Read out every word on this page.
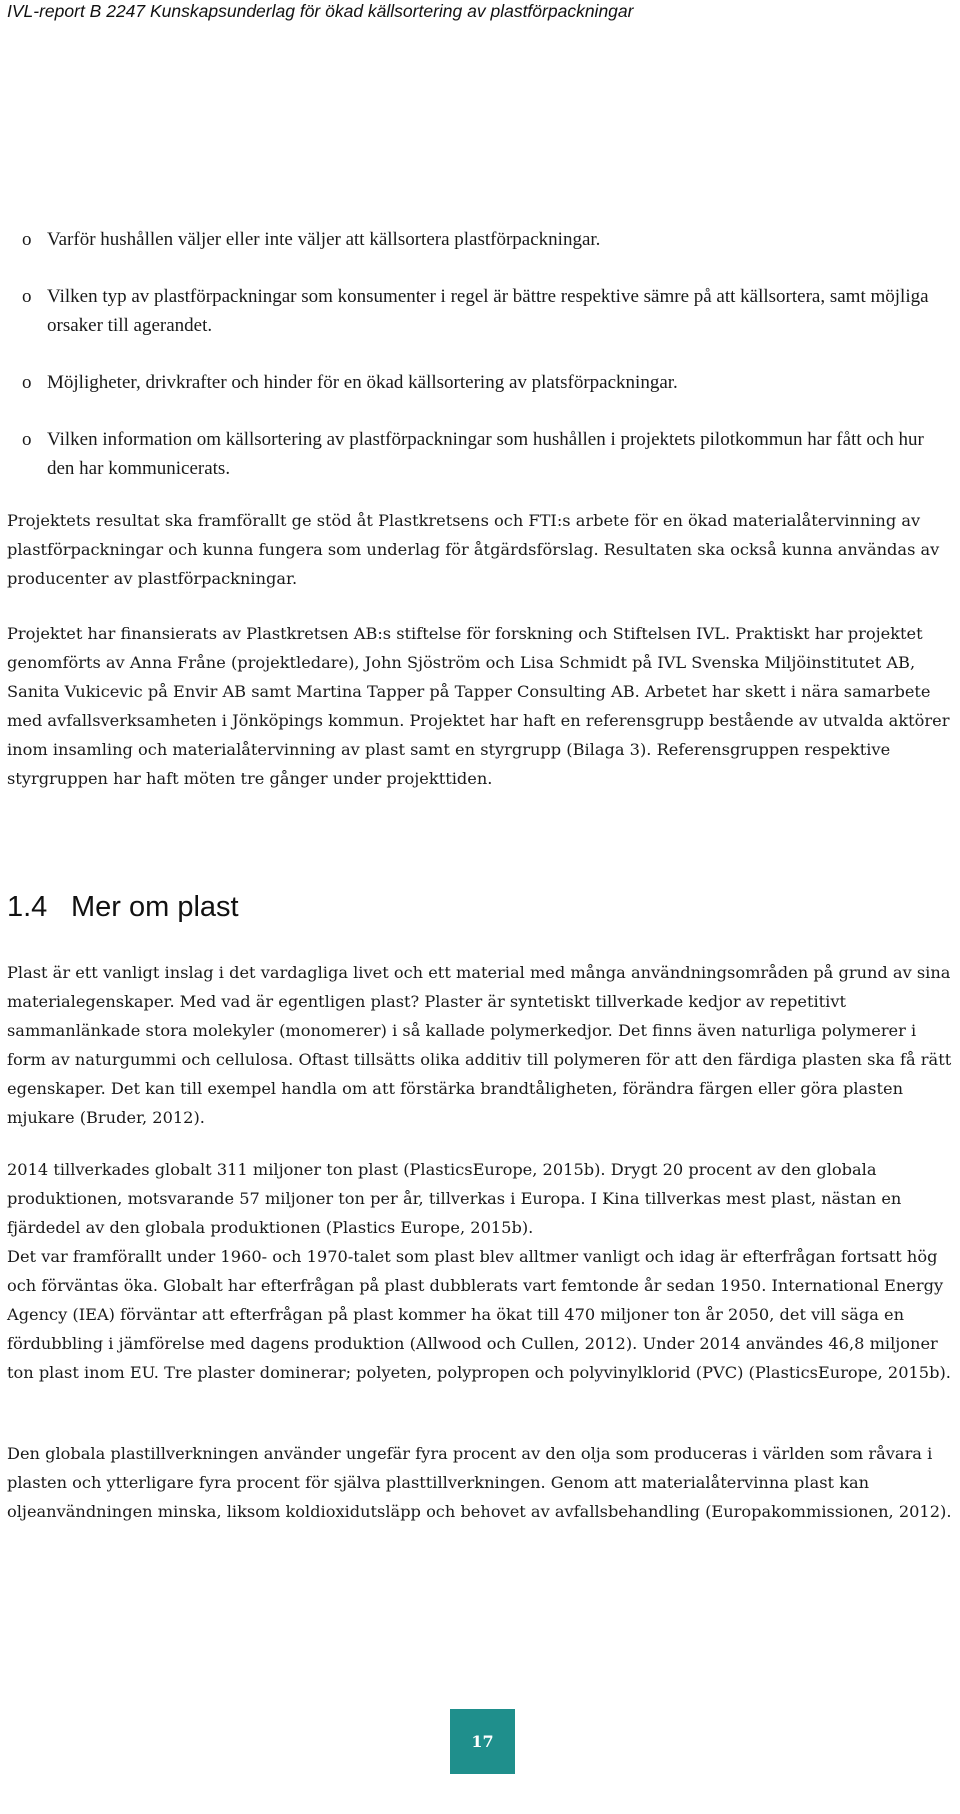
IVL-report B 2247 Kunskapsunderlag för ökad källsortering av plastförpackningar
o Varför hushållen väljer eller inte väljer att källsortera plastförpackningar.
o Vilken typ av plastförpackningar som konsumenter i regel är bättre respektive sämre på att källsortera, samt möjliga orsaker till agerandet.
o Möjligheter, drivkrafter och hinder för en ökad källsortering av platsförpackningar.
o Vilken information om källsortering av plastförpackningar som hushållen i projektets pilotkommun har fått och hur den har kommunicerats.

Projektets resultat ska framförallt ge stöd åt Plastkretsens och FTI:s arbete för en ökad materialåtervinning av plastförpackningar och kunna fungera som underlag för åtgärdsförslag. Resultaten ska också kunna användas av producenter av plastförpackningar.

Projektet har finansierats av Plastkretsen AB:s stiftelse för forskning och Stiftelsen IVL. Praktiskt har projektet genomförts av Anna Fråne (projektledare), John Sjöström och Lisa Schmidt på IVL Svenska Miljöinstitutet AB, Sanita Vukicevic på Envir AB samt Martina Tapper på Tapper Consulting AB. Arbetet har skett i nära samarbete med avfallsverksamheten i Jönköpings kommun. Projektet har haft en referensgrupp bestående av utvalda aktörer inom insamling och materialåtervinning av plast samt en styrgrupp (Bilaga 3). Referensgruppen respektive styrgruppen har haft möten tre gånger under projekttiden.

1.4 Mer om plast

Plast är ett vanligt inslag i det vardagliga livet och ett material med många användningsområden på grund av sina materialegenskaper. Med vad är egentligen plast? Plaster är syntetiskt tillverkade kedjor av repetitivt sammanlänkade stora molekyler (monomerer) i så kallade polymerkedjor. Det finns även naturliga polymerer i form av naturgummi och cellulosa. Oftast tillsätts olika additiv till polymeren för att den färdiga plasten ska få rätt egenskaper. Det kan till exempel handla om att förstärka brandtåligheten, förändra färgen eller göra plasten mjukare (Bruder, 2012).

2014 tillverkades globalt 311 miljoner ton plast (PlasticsEurope, 2015b). Drygt 20 procent av den globala produktionen, motsvarande 57 miljoner ton per år, tillverkas i Europa. I Kina tillverkas mest plast, nästan en fjärdedel av den globala produktionen (Plastics Europe, 2015b).

Det var framförallt under 1960- och 1970-talet som plast blev alltmer vanligt och idag är efterfrågan fortsatt hög och förväntas öka. Globalt har efterfrågan på plast dubblerats vart femtonde år sedan 1950. International Energy Agency (IEA) förväntar att efterfrågan på plast kommer ha ökat till 470 miljoner ton år 2050, det vill säga en fördubbling i jämförelse med dagens produktion (Allwood och Cullen, 2012). Under 2014 användes 46,8 miljoner ton plast inom EU. Tre plaster dominerar; polyeten, polypropen och polyvinylklorid (PVC) (PlasticsEurope, 2015b).

Den globala plastillverkningen använder ungefär fyra procent av den olja som produceras i världen som råvara i plasten och ytterligare fyra procent för själva plasttillverkningen. Genom att materialåtervinna plast kan oljeanvändningen minska, liksom koldioxidutsläpp och behovet av avfallsbehandling (Europakommissionen, 2012).

17
